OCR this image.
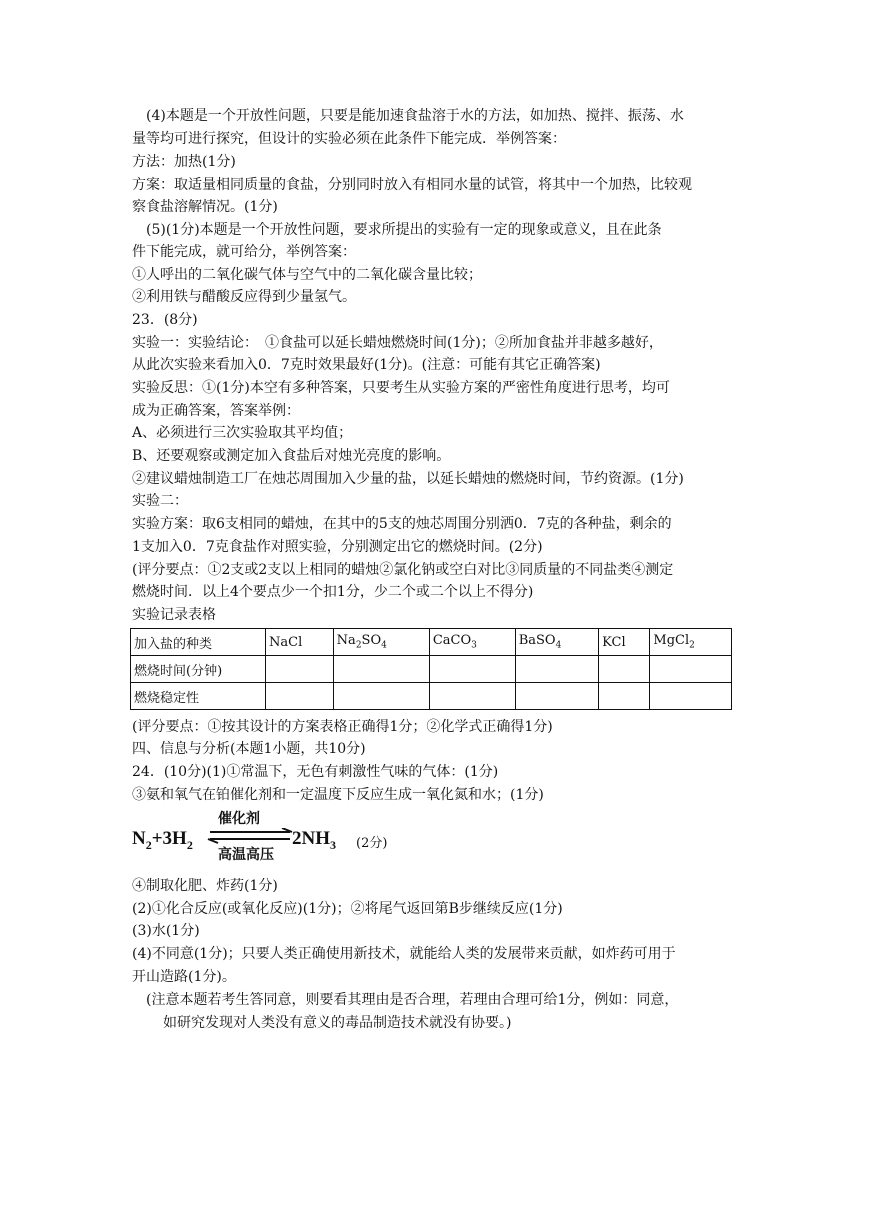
(4)本题是一个开放性问题，只要是能加速食盐溶于水的方法，如加热、搅拌、振荡、水
量等均可进行探究，但设计的实验必须在此条件下能完成．举例答案：
方法：加热(1分)
方案：取适量相同质量的食盐，分别同时放入有相同水量的试管，将其中一个加热，比较观
察食盐溶解情况。(1分)
(5)(1分)本题是一个开放性问题，要求所提出的实验有一定的现象或意义，且在此条
件下能完成，就可给分，举例答案：
①人呼出的二氧化碳气体与空气中的二氧化碳含量比较；
②利用铁与醋酸反应得到少量氢气。
23．(8分)
实验一：实验结论：　①食盐可以延长蜡烛燃烧时间(1分)；②所加食盐并非越多越好，
从此次实验来看加入0．7克时效果最好(1分)。(注意：可能有其它正确答案)
实验反思：①(1分)本空有多种答案，只要考生从实验方案的严密性角度进行思考，均可
成为正确答案，答案举例：
A、必须进行三次实验取其平均值；
B、还要观察或测定加入食盐后对烛光亮度的影响。
②建议蜡烛制造工厂在烛芯周围加入少量的盐，以延长蜡烛的燃烧时间，节约资源。(1分)
实验二：
实验方案：取6支相同的蜡烛，在其中的5支的烛芯周围分别洒0．7克的各种盐，剩余的
1支加入0．7克食盐作对照实验，分别测定出它的燃烧时间。(2分)
(评分要点：①2支或2支以上相同的蜡烛②氯化钠或空白对比③同质量的不同盐类④测定
燃烧时间．以上4个要点少一个扣1分，少二个或二个以上不得分)
实验记录表格
加入盐的种类	NaCl	$Na_2SO_4$	CaCO$_3$	BaSO$_4$	KCl	MgCl$_2$
燃烧时间(分钟)						
燃烧稳定性						
(评分要点：①按其设计的方案表格正确得1分；②化学式正确得1分)
四、信息与分析(本题1小题，共10分)
24．(10分)(1)①常温下，无色有刺激性气味的气体：(1分)
③氨和氧气在铂催化剂和一定温度下反应生成一氧化氮和水；(1分)
$N_2+3H_2$
催化剂
高温高压
$2NH_3$ (2分)
④制取化肥、炸药(1分)
(2)①化合反应(或氧化反应)(1分)；②将尾气返回第B步继续反应(1分)
(3)水(1分)
(4)不同意(1分)；只要人类正确使用新技术，就能给人类的发展带来贡献，如炸药可用于
开山造路(1分)。
(注意本题若考生答同意，则要看其理由是否合理，若理由合理可给1分，例如：同意，
如研究发现对人类没有意义的毒品制造技术就没有协要。)
